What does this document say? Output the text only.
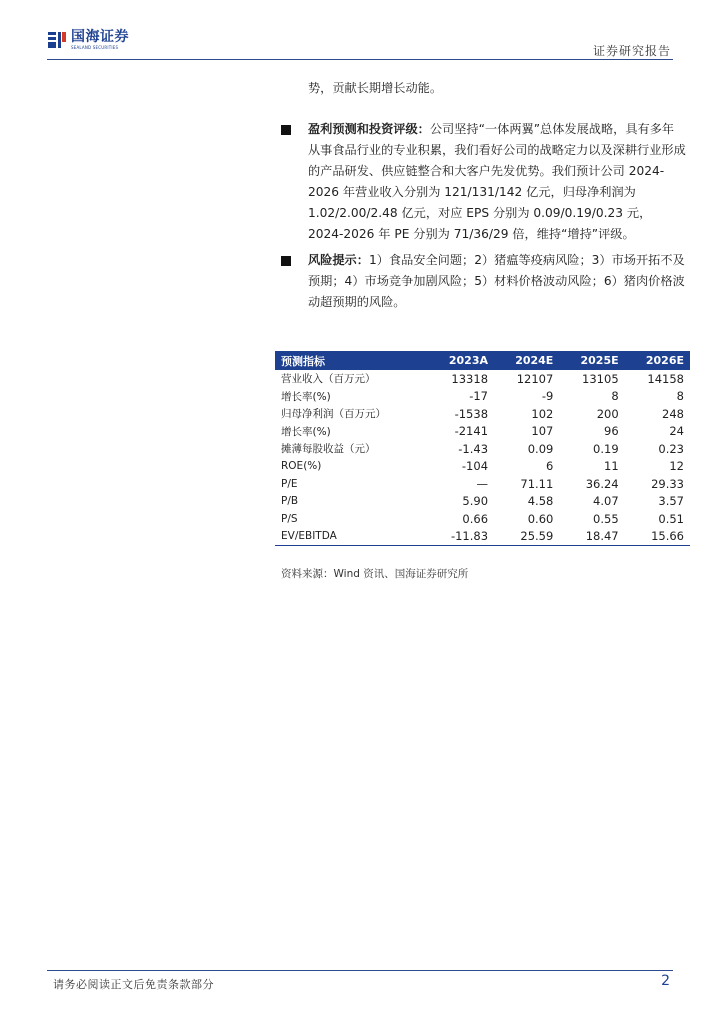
国海证券
SEALAND SECURITIES	证券研究报告
势，贡献长期增长动能。
盈利预测和投资评级：公司坚持“一体两翼”总体发展战略，具有多年从事食品行业的专业积累，我们看好公司的战略定力以及深耕行业形成的产品研发、供应链整合和大客户先发优势。我们预计公司 2024-2026 年营业收入分别为 121/131/142 亿元，归母净利润为 1.02/2.00/2.48 亿元，对应 EPS 分别为 0.09/0.19/0.23 元，2024-2026 年 PE 分别为 71/36/29 倍，维持“增持”评级。
风险提示：1）食品安全问题；2）猪瘟等疫病风险；3）市场开拓不及预期；4）市场竞争加剧风险；5）材料价格波动风险；6）猪肉价格波动超预期的风险。
预测指标	2023A	2024E	2025E	2026E
营业收入（百万元）	13318	12107	13105	14158
增长率(%)	-17	-9	8	8
归母净利润（百万元）	-1538	102	200	248
增长率(%)	-2141	107	96	24
摊薄每股收益（元）	-1.43	0.09	0.19	0.23
ROE(%)	-104	6	11	12
P/E	—	71.11	36.24	29.33
P/B	5.90	4.58	4.07	3.57
P/S	0.66	0.60	0.55	0.51
EV/EBITDA	-11.83	25.59	18.47	15.66
资料来源：Wind 资讯、国海证券研究所
请务必阅读正文后免责条款部分	2
